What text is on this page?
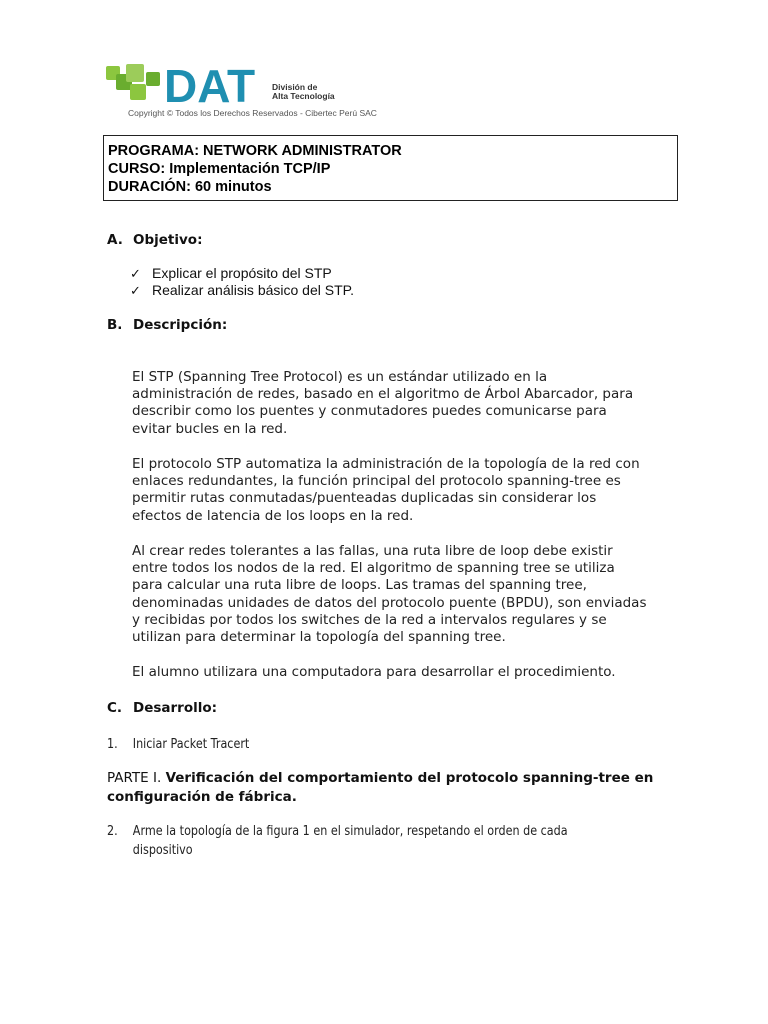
DAT División de
Alta Tecnología
Copyright © Todos los Derechos Reservados - Cibertec Perú SAC
PROGRAMA: NETWORK ADMINISTRATOR
CURSO: Implementación TCP/IP
DURACIÓN: 60 minutos
A. Objetivo:
✓ Explicar el propósito del STP
✓ Realizar análisis básico del STP.
B. Descripción:
El STP (Spanning Tree Protocol) es un estándar utilizado en la
administración de redes, basado en el algoritmo de Árbol Abarcador, para
describir como los puentes y conmutadores puedes comunicarse para
evitar bucles en la red.
El protocolo STP automatiza la administración de la topología de la red con
enlaces redundantes, la función principal del protocolo spanning-tree es
permitir rutas conmutadas/puenteadas duplicadas sin considerar los
efectos de latencia de los loops en la red.
Al crear redes tolerantes a las fallas, una ruta libre de loop debe existir
entre todos los nodos de la red. El algoritmo de spanning tree se utiliza
para calcular una ruta libre de loops. Las tramas del spanning tree,
denominadas unidades de datos del protocolo puente (BPDU), son enviadas
y recibidas por todos los switches de la red a intervalos regulares y se
utilizan para determinar la topología del spanning tree.
El alumno utilizara una computadora para desarrollar el procedimiento.
C. Desarrollo:
1. Iniciar Packet Tracert
PARTE I. Verificación del comportamiento del protocolo spanning-tree en
configuración de fábrica.
2. Arme la topología de la figura 1 en el simulador, respetando el orden de cada
dispositivo
